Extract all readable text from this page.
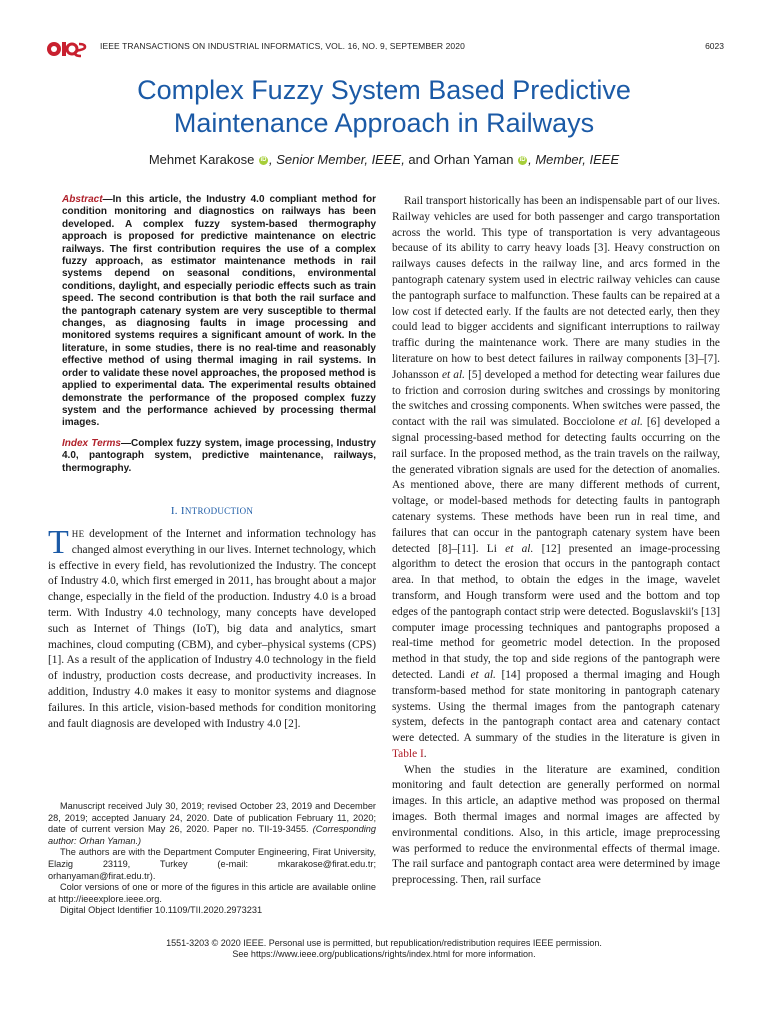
IEEE TRANSACTIONS ON INDUSTRIAL INFORMATICS, VOL. 16, NO. 9, SEPTEMBER 2020	6023
Complex Fuzzy System Based Predictive Maintenance Approach in Railways
Mehmet Karakose iD , Senior Member, IEEE, and Orhan Yaman iD , Member, IEEE

Abstract—In this article, the Industry 4.0 compliant method for condition monitoring and diagnostics on railways has been developed. A complex fuzzy system-based thermography approach is proposed for predictive maintenance on electric railways. The first contribution requires the use of a complex fuzzy approach, as estimator maintenance methods in rail systems depend on seasonal conditions, environmental conditions, daylight, and especially periodic effects such as train speed. The second contribution is that both the rail surface and the pantograph catenary system are very susceptible to thermal changes, as diagnosing faults in image processing and monitored systems requires a significant amount of work. In the literature, in some studies, there is no real-time and reasonably effective method of using thermal imaging in rail systems. In order to validate these novel approaches, the proposed method is applied to experimental data. The experimental results obtained demonstrate the performance of the proposed complex fuzzy system and the performance achieved by processing thermal images.

Index Terms—Complex fuzzy system, image processing, Industry 4.0, pantograph system, predictive maintenance, railways, thermography.

I. INTRODUCTION

THE development of the Internet and information technology has changed almost everything in our lives. Internet technology, which is effective in every field, has revolutionized the Industry. The concept of Industry 4.0, which first emerged in 2011, has brought about a major change, especially in the field of the production. Industry 4.0 is a broad term. With Industry 4.0 technology, many concepts have developed such as Internet of Things (IoT), big data and analytics, smart machines, cloud computing (CBM), and cyber–physical systems (CPS) [1]. As a result of the application of Industry 4.0 technology in the field of industry, production costs decrease, and productivity increases. In addition, Industry 4.0 makes it easy to monitor systems and diagnose failures. In this article, vision-based methods for condition monitoring and fault diagnosis are developed with Industry 4.0 [2].

Manuscript received July 30, 2019; revised October 23, 2019 and December 28, 2019; accepted January 24, 2020. Date of publication February 11, 2020; date of current version May 26, 2020. Paper no. TII-19-3455. (Corresponding author: Orhan Yaman.)

The authors are with the Department Computer Engineering, Firat University, Elazig 23119, Turkey (e-mail: mkarakose@firat.edu.tr; orhanyaman@firat.edu.tr).

Color versions of one or more of the figures in this article are available online at http://ieeexplore.ieee.org.

Digital Object Identifier 10.1109/TII.2020.2973231

Rail transport historically has been an indispensable part of our lives. Railway vehicles are used for both passenger and cargo transportation across the world. This type of transportation is very advantageous because of its ability to carry heavy loads [3]. Heavy construction on railways causes defects in the railway line, and arcs formed in the pantograph catenary system used in electric railway vehicles can cause the pantograph surface to malfunction. These faults can be repaired at a low cost if detected early. If the faults are not detected early, then they could lead to bigger accidents and significant interruptions to railway traffic during the maintenance work. There are many studies in the literature on how to best detect failures in railway components [3]–[7]. Johansson et al. [5] developed a method for detecting wear failures due to friction and corrosion during switches and crossings by monitoring the switches and crossing components. When switches were passed, the contact with the rail was simulated. Bocciolone et al. [6] developed a signal processing-based method for detecting faults occurring on the rail surface. In the proposed method, as the train travels on the railway, the generated vibration signals are used for the detection of anomalies. As mentioned above, there are many different methods of current, voltage, or model-based methods for detecting faults in pantograph catenary systems. These methods have been run in real time, and failures that can occur in the pantograph catenary system have been detected [8]–[11]. Li et al. [12] presented an image-processing algorithm to detect the erosion that occurs in the pantograph contact area. In that method, to obtain the edges in the image, wavelet transform, and Hough transform were used and the bottom and top edges of the pantograph contact strip were detected. Boguslavskii's [13] computer image processing techniques and pantographs proposed a real-time method for geometric model detection. In the proposed method in that study, the top and side regions of the pantograph were detected. Landi et al. [14] proposed a thermal imaging and Hough transform-based method for state monitoring in pantograph catenary systems. Using the thermal images from the pantograph catenary system, defects in the pantograph contact area and catenary contact were detected. A summary of the studies in the literature is given in Table I.

When the studies in the literature are examined, condition monitoring and fault detection are generally performed on normal images. In this article, an adaptive method was proposed on thermal images. Both thermal images and normal images are affected by environmental conditions. Also, in this article, image preprocessing was performed to reduce the environmental effects of thermal image. The rail surface and pantograph contact area were determined by image preprocessing. Then, rail surface

1551-3203 © 2020 IEEE. Personal use is permitted, but republication/redistribution requires IEEE permission.
See https://www.ieee.org/publications/rights/index.html for more information.
